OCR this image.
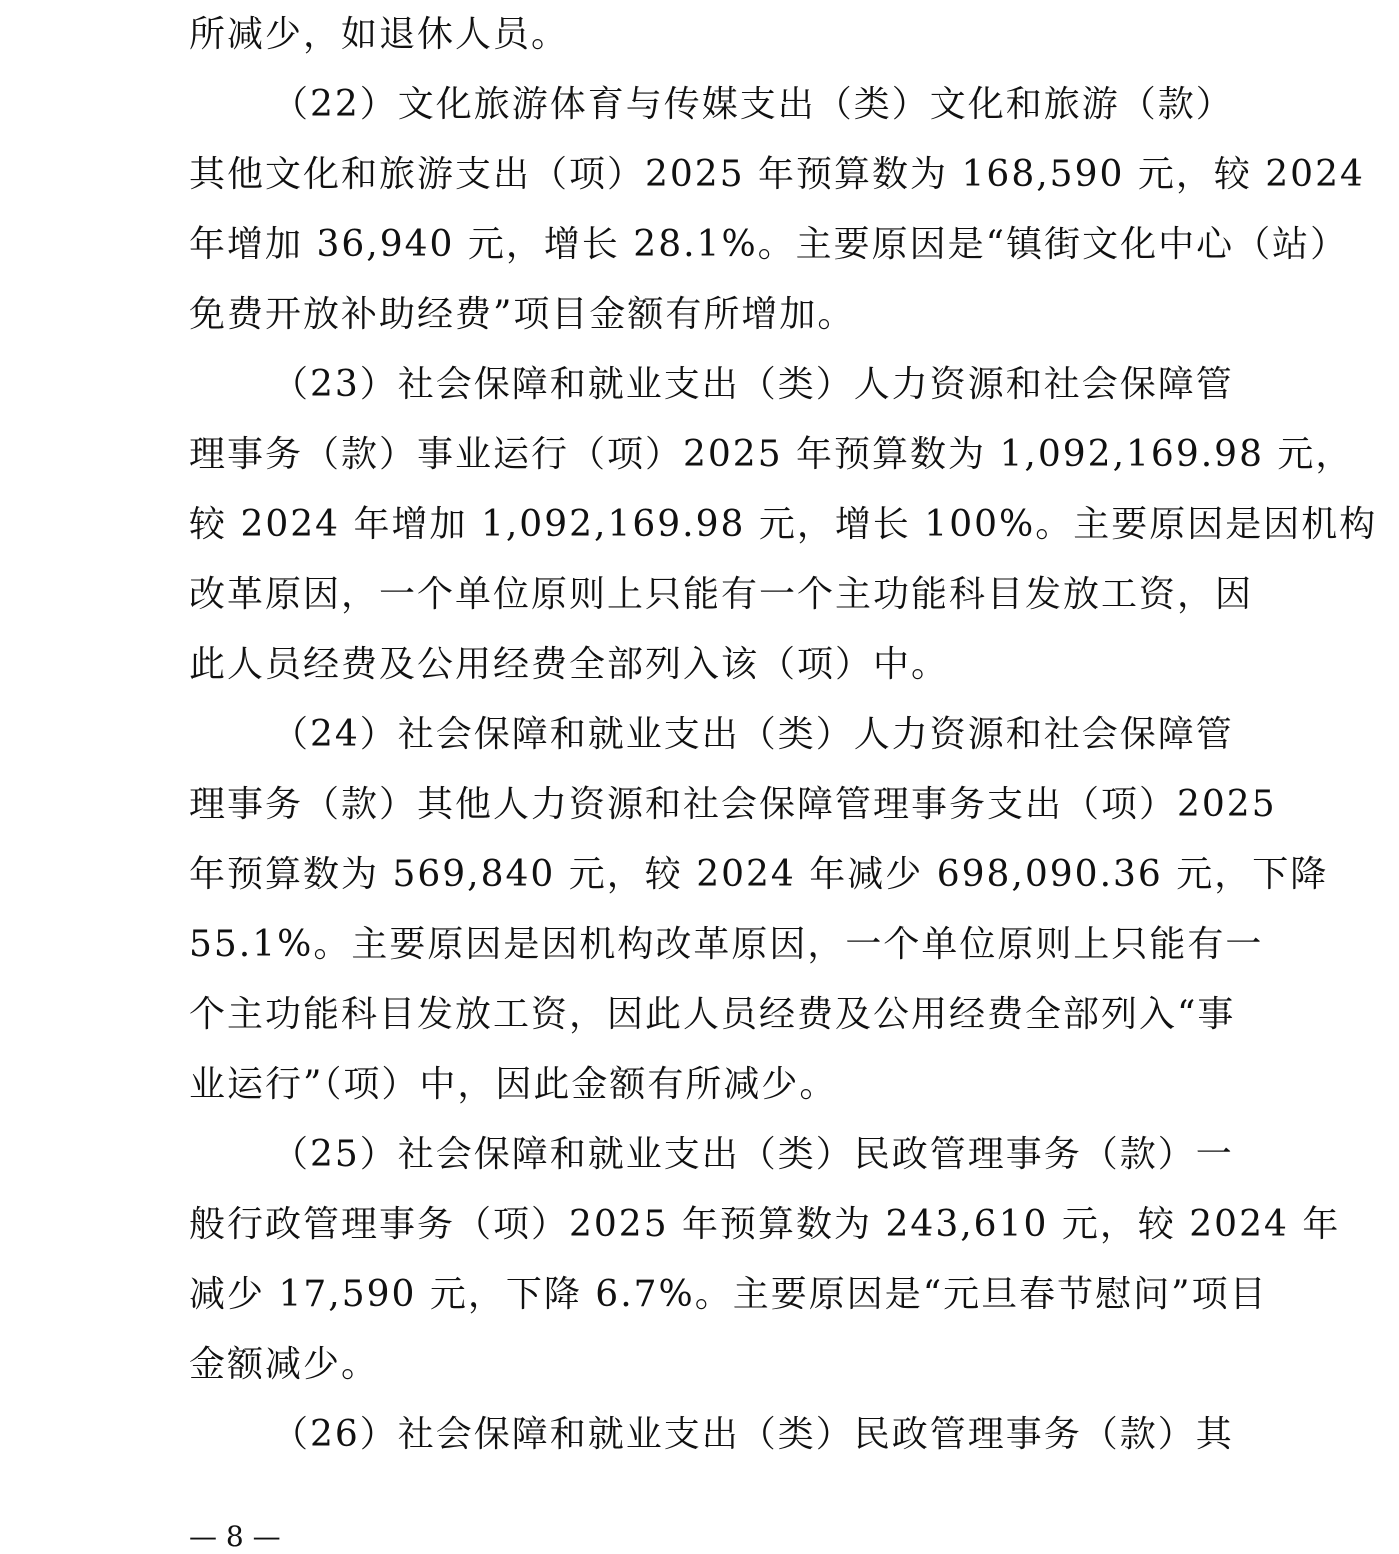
所减少，如退休人员。
（22）文化旅游体育与传媒支出（类）文化和旅游（款）
其他文化和旅游支出（项）2025 年预算数为 168,590 元，较 2024
年增加 36,940 元，增长 28.1%。主要原因是“镇街文化中心（站）
免费开放补助经费”项目金额有所增加。
（23）社会保障和就业支出（类）人力资源和社会保障管
理事务（款）事业运行（项）2025 年预算数为 1,092,169.98 元，
较 2024 年增加 1,092,169.98 元，增长 100%。主要原因是因机构
改革原因，一个单位原则上只能有一个主功能科目发放工资，因
此人员经费及公用经费全部列入该（项）中。
（24）社会保障和就业支出（类）人力资源和社会保障管
理事务（款）其他人力资源和社会保障管理事务支出（项）2025
年预算数为 569,840 元，较 2024 年减少 698,090.36 元，下降
55.1%。主要原因是因机构改革原因，一个单位原则上只能有一
个主功能科目发放工资，因此人员经费及公用经费全部列入“事
业运行”（项）中，因此金额有所减少。
（25）社会保障和就业支出（类）民政管理事务（款）一
般行政管理事务（项）2025 年预算数为 243,610 元，较 2024 年
减少 17,590 元，下降 6.7%。主要原因是“元旦春节慰问”项目
金额减少。
（26）社会保障和就业支出（类）民政管理事务（款）其
— 8 —
